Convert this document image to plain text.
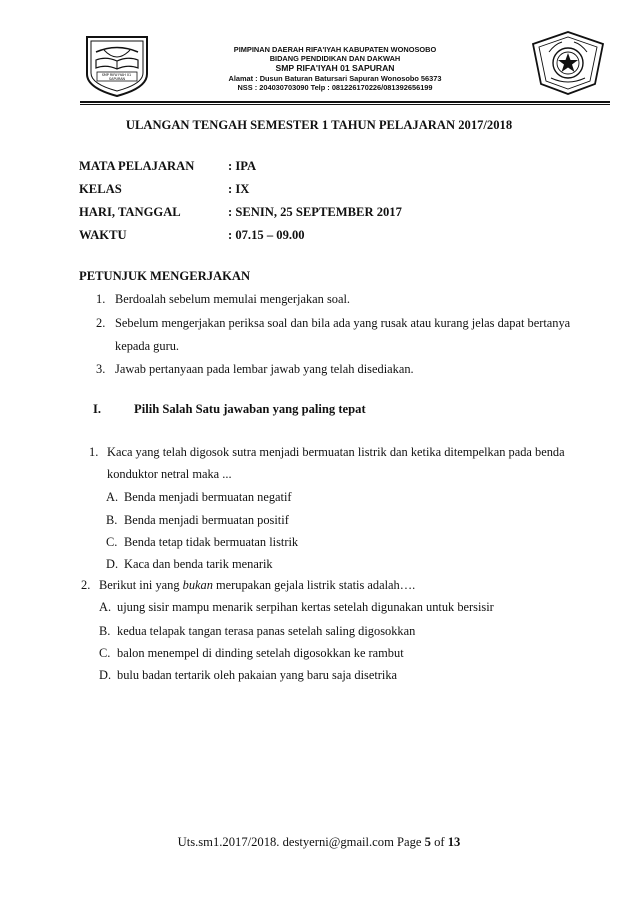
SMP RIFA'IYAH 01 SAPURAN
PIMPINAN DAERAH RIFA'IYAH KABUPATEN WONOSOBO
BIDANG PENDIDIKAN DAN DAKWAH
SMP RIFA'IYAH 01 SAPURAN
Alamat : Dusun Baturan Batursari Sapuran Wonosobo 56373
NSS : 204030703090 Telp : 081226170226/081392656199
ULANGAN TENGAH SEMESTER 1 TAHUN PELAJARAN 2017/2018
MATA PELAJARAN	: IPA
KELAS	: IX
HARI, TANGGAL	: SENIN, 25 SEPTEMBER 2017
WAKTU	: 07.15 – 09.00
PETUNJUK MENGERJAKAN
1. Berdoalah sebelum memulai mengerjakan soal.
2. Sebelum mengerjakan periksa soal dan bila ada yang rusak atau kurang jelas dapat bertanya
kepada guru.
3. Jawab pertanyaan pada lembar jawab yang telah disediakan.
I.	Pilih Salah Satu jawaban yang paling tepat
1. Kaca yang telah digosok sutra menjadi bermuatan listrik dan ketika ditempelkan pada benda
konduktor netral maka ...
A. Benda menjadi bermuatan negatif
B. Benda menjadi bermuatan positif
C. Benda tetap tidak bermuatan listrik
D. Kaca dan benda tarik menarik
2. Berikut ini yang bukan merupakan gejala listrik statis adalah….
A. ujung sisir mampu menarik serpihan kertas setelah digunakan untuk bersisir
B. kedua telapak tangan terasa panas setelah saling digosokkan
C. balon menempel di dinding setelah digosokkan ke rambut
D. bulu badan tertarik oleh pakaian yang baru saja disetrika
Uts.sm1.2017/2018. destyerni@gmail.com Page 5 of 13
